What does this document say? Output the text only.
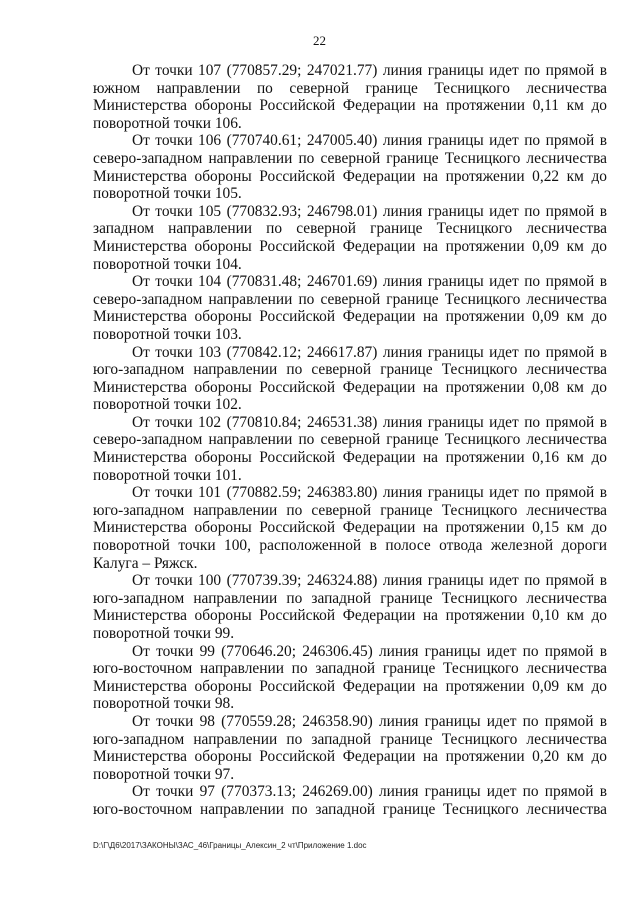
22

От точки 107 (770857.29; 247021.77) линия границы идет по прямой в южном направлении по северной границе Тесницкого лесничества Министерства обороны Российской Федерации на протяжении 0,11 км до поворотной точки 106.

От точки 106 (770740.61; 247005.40) линия границы идет по прямой в северо-западном направлении по северной границе Тесницкого лесничества Министерства обороны Российской Федерации на протяжении 0,22 км до поворотной точки 105.

От точки 105 (770832.93; 246798.01) линия границы идет по прямой в западном направлении по северной границе Тесницкого лесничества Министерства обороны Российской Федерации на протяжении 0,09 км до поворотной точки 104.

От точки 104 (770831.48; 246701.69) линия границы идет по прямой в северо-западном направлении по северной границе Тесницкого лесничества Министерства обороны Российской Федерации на протяжении 0,09 км до поворотной точки 103.

От точки 103 (770842.12; 246617.87) линия границы идет по прямой в юго-западном направлении по северной границе Тесницкого лесничества Министерства обороны Российской Федерации на протяжении 0,08 км до поворотной точки 102.

От точки 102 (770810.84; 246531.38) линия границы идет по прямой в северо-западном направлении по северной границе Тесницкого лесничества Министерства обороны Российской Федерации на протяжении 0,16 км до поворотной точки 101.

От точки 101 (770882.59; 246383.80) линия границы идет по прямой в юго-западном направлении по северной границе Тесницкого лесничества Министерства обороны Российской Федерации на протяжении 0,15 км до поворотной точки 100, расположенной в полосе отвода железной дороги Калуга – Ряжск.

От точки 100 (770739.39; 246324.88) линия границы идет по прямой в юго-западном направлении по западной границе Тесницкого лесничества Министерства обороны Российской Федерации на протяжении 0,10 км до поворотной точки 99.

От точки 99 (770646.20; 246306.45) линия границы идет по прямой в юго-восточном направлении по западной границе Тесницкого лесничества Министерства обороны Российской Федерации на протяжении 0,09 км до поворотной точки 98.

От точки 98 (770559.28; 246358.90) линия границы идет по прямой в юго-западном направлении по западной границе Тесницкого лесничества Министерства обороны Российской Федерации на протяжении 0,20 км до поворотной точки 97.

От точки 97 (770373.13; 246269.00) линия границы идет по прямой в юго-восточном направлении по западной границе Тесницкого лесничества

D:\Г\Д6\2017\ЗАКОНЫ\ЗАС_46\Границы_Алексин_2 чт\Приложение 1.doc
